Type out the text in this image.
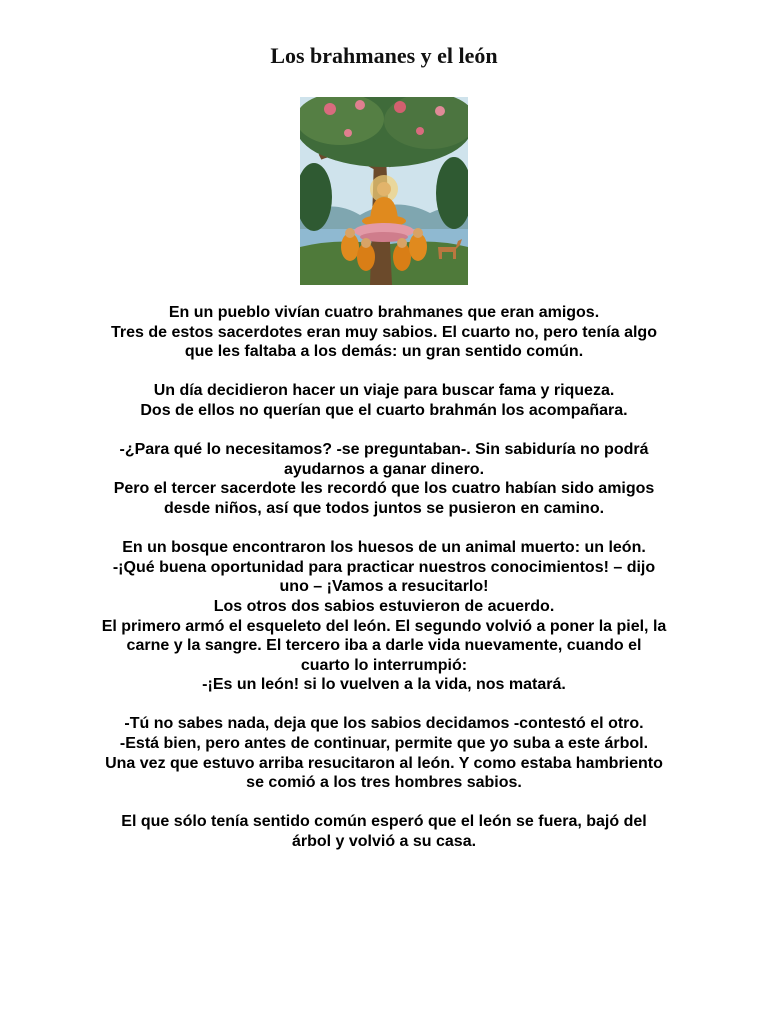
Los brahmanes y el león

En un pueblo vivían cuatro brahmanes que eran amigos.
Tres de estos sacerdotes eran muy sabios. El cuarto no, pero tenía algo que les faltaba a los demás: un gran sentido común.

Un día decidieron hacer un viaje para buscar fama y riqueza.
Dos de ellos no querían que el cuarto brahmán los acompañara.

-¿Para qué lo necesitamos? -se preguntaban-. Sin sabiduría no podrá ayudarnos a ganar dinero.
Pero el tercer sacerdote les recordó que los cuatro habían sido amigos desde niños, así que todos juntos se pusieron en camino.

En un bosque encontraron los huesos de un animal muerto: un león.
-¡Qué buena oportunidad para practicar nuestros conocimientos! – dijo uno – ¡Vamos a resucitarlo!
Los otros dos sabios estuvieron de acuerdo.
El primero armó el esqueleto del león. El segundo volvió a poner la piel, la carne y la sangre. El tercero iba a darle vida nuevamente, cuando el cuarto lo interrumpió:
-¡Es un león! si lo vuelven a la vida, nos matará.

-Tú no sabes nada, deja que los sabios decidamos -contestó el otro.
-Está bien, pero antes de continuar, permite que yo suba a este árbol.
Una vez que estuvo arriba resucitaron al león. Y como estaba hambriento se comió a los tres hombres sabios.

El que sólo tenía sentido común esperó que el león se fuera, bajó del árbol y volvió a su casa.
